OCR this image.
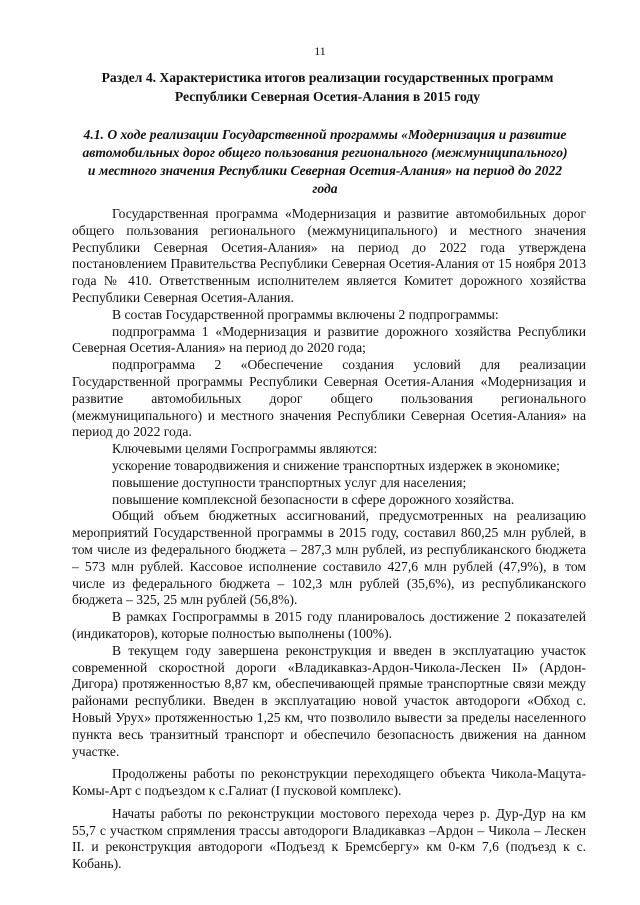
11
Раздел 4. Характеристика итогов реализации государственных программ Республики Северная Осетия-Алания в 2015 году
4.1. О ходе реализации Государственной программы «Модернизация и развитие автомобильных дорог общего пользования регионального (межмуниципального) и местного значения Республики Северная Осетия-Алания» на период до 2022 года

Государственная программа «Модернизация и развитие автомобильных дорог общего пользования регионального (межмуниципального) и местного значения Республики Северная Осетия-Алания» на период до 2022 года утверждена постановлением Правительства Республики Северная Осетия-Алания от 15 ноября 2013 года № 410. Ответственным исполнителем является Комитет дорожного хозяйства Республики Северная Осетия-Алания.

В состав Государственной программы включены 2 подпрограммы:

подпрограмма 1 «Модернизация и развитие дорожного хозяйства Республики Северная Осетия-Алания» на период до 2020 года;

подпрограмма 2 «Обеспечение создания условий для реализации Государственной программы Республики Северная Осетия-Алания «Модернизация и развитие автомобильных дорог общего пользования регионального (межмуниципального) и местного значения Республики Северная Осетия-Алания» на период до 2022 года.

Ключевыми целями Госпрограммы являются:

ускорение товародвижения и снижение транспортных издержек в экономике;

повышение доступности транспортных услуг для населения;

повышение комплексной безопасности в сфере дорожного хозяйства.

Общий объем бюджетных ассигнований, предусмотренных на реализацию мероприятий Государственной программы в 2015 году, составил 860,25 млн рублей, в том числе из федерального бюджета – 287,3 млн рублей, из республиканского бюджета – 573 млн рублей. Кассовое исполнение составило 427,6 млн рублей (47,9%), в том числе из федерального бюджета – 102,3 млн рублей (35,6%), из республиканского бюджета – 325, 25 млн рублей (56,8%).

В рамках Госпрограммы в 2015 году планировалось достижение 2 показателей (индикаторов), которые полностью выполнены (100%).

В текущем году завершена реконструкция и введен в эксплуатацию участок современной скоростной дороги «Владикавказ-Ардон-Чикола-Лескен II» (Ардон-Дигора) протяженностью 8,87 км, обеспечивающей прямые транспортные связи между районами республики. Введен в эксплуатацию новой участок автодороги «Обход с. Новый Урух» протяженностью 1,25 км, что позволило вывести за пределы населенного пункта весь транзитный транспорт и обеспечило безопасность движения на данном участке.

Продолжены работы по реконструкции переходящего объекта Чикола-Мацута-Комы-Арт с подъездом к с.Галиат (I пусковой комплекс).

Начаты работы по реконструкции мостового перехода через р. Дур-Дур на км 55,7 с участком спрямления трассы автодороги Владикавказ –Ардон – Чикола – Лескен II. и реконструкция автодороги «Подъезд к Бремсбергу» км 0-км 7,6 (подъезд к с. Кобань).
